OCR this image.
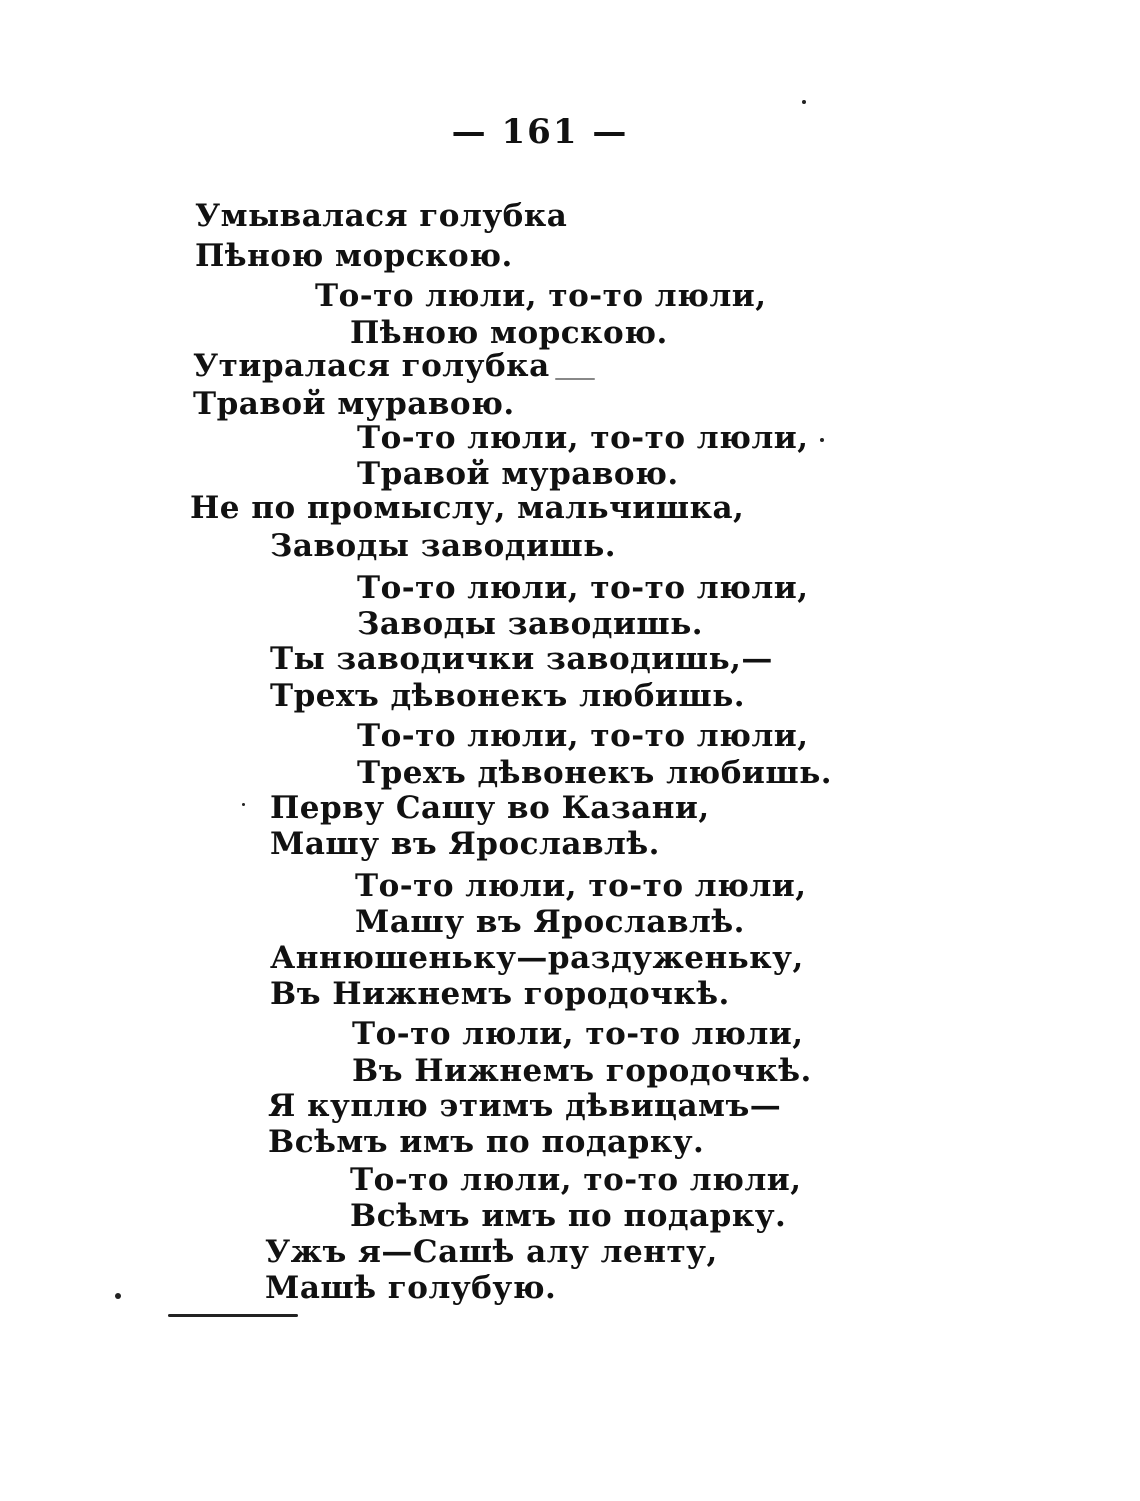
— 161 —
Умывалася голубка
Пѣною морскою.
То-то люли, то-то люли,
Пѣною морскою.
Утиралася голубка
Травой муравою.
То-то люли, то-то люли,
Травой муравою.
Не по промыслу, мальчишка,
Заводы заводишь.
То-то люли, то-то люли,
Заводы заводишь.
Ты заводички заводишь,—
Трехъ дѣвонекъ любишь.
То-то люли, то-то люли,
Трехъ дѣвонекъ любишь.
Перву Сашу во Казани,
Машу въ Ярославлѣ.
То-то люли, то-то люли,
Машу въ Ярославлѣ.
Аннюшеньку—раздуженьку,
Въ Нижнемъ городочкѣ.
То-то люли, то-то люли,
Въ Нижнемъ городочкѣ.
Я куплю этимъ дѣвицамъ—
Всѣмъ имъ по подарку.
То-то люли, то-то люли,
Всѣмъ имъ по подарку.
Ужъ я—Сашѣ алу ленту,
Машѣ голубую.
